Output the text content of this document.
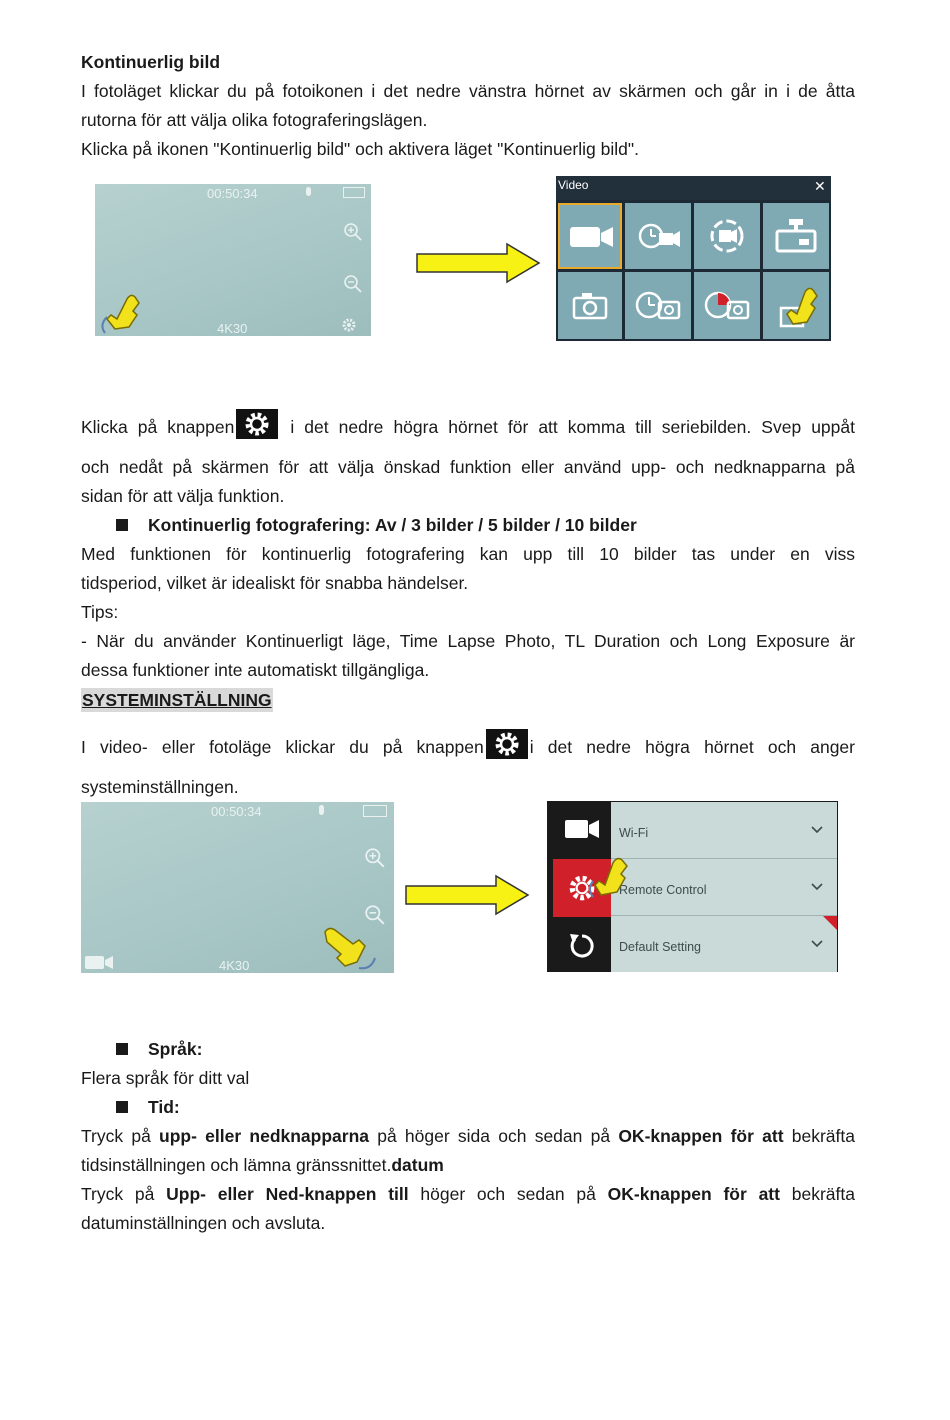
Kontinuerlig bild
I fotoläget klickar du på fotoikonen i det nedre vänstra hörnet av skärmen och går in i de åtta
rutorna för att välja olika fotograferingslägen.
Klicka på ikonen "Kontinuerlig bild" och aktivera läget "Kontinuerlig bild".
00:50:34
4K30
Video	✕
Klicka på knappen	i det nedre högra hörnet för att komma till seriebilden. Svep uppåt
och nedåt på skärmen för att välja önskad funktion eller använd upp- och nedknapparna på
sidan för att välja funktion.
Kontinuerlig fotografering: Av / 3 bilder / 5 bilder / 10 bilder
Med funktionen för kontinuerlig fotografering kan upp till 10 bilder tas under en viss
tidsperiod, vilket är idealiskt för snabba händelser.
Tips:
- När du använder Kontinuerligt läge, Time Lapse Photo, TL Duration och Long Exposure är
dessa funktioner inte automatiskt tillgängliga.
SYSTEMINSTÄLLNING
I video- eller fotoläge klickar du på knappen	i det nedre högra hörnet och anger
systeminställningen.
00:50:34
4K30
Wi-Fi
Remote Control
Default Setting
Språk:
Flera språk för ditt val
Tid:
Tryck på upp- eller nedknapparna på höger sida och sedan på OK-knappen för att bekräfta
tidsinställningen och lämna gränssnittet.datum
Tryck på Upp- eller Ned-knappen till höger och sedan på OK-knappen för att bekräfta
datuminställningen och avsluta.
